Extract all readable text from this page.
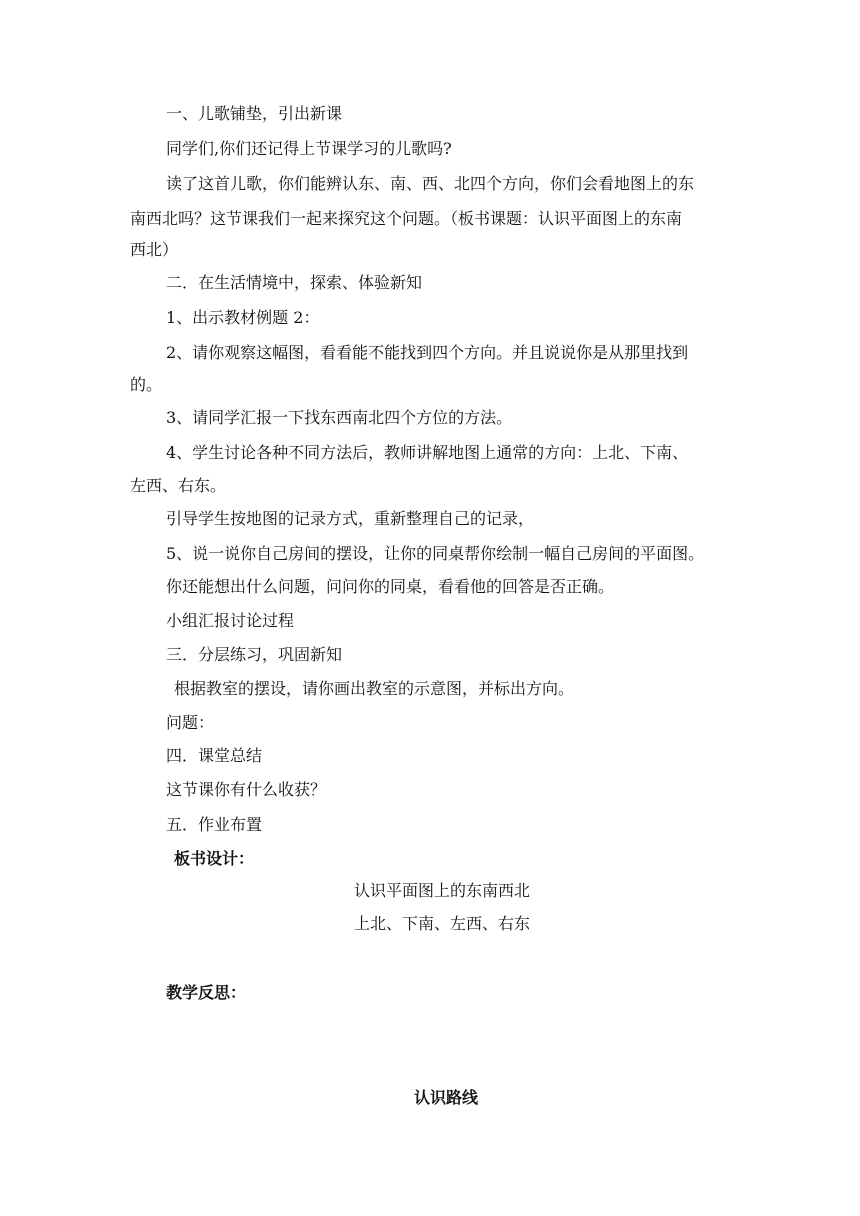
一、儿歌铺垫，引出新课
同学们,你们还记得上节课学习的儿歌吗?
读了这首儿歌，你们能辨认东、南、西、北四个方向，你们会看地图上的东
南西北吗？这节课我们一起来探究这个问题。（板书课题：认识平面图上的东南
西北）
二．在生活情境中，探索、体验新知
1、出示教材例题 2：
2、请你观察这幅图，看看能不能找到四个方向。并且说说你是从那里找到
的。
3、请同学汇报一下找东西南北四个方位的方法。
4、学生讨论各种不同方法后，教师讲解地图上通常的方向：上北、下南、
左西、右东。
引导学生按地图的记录方式，重新整理自己的记录，
5、说一说你自己房间的摆设，让你的同桌帮你绘制一幅自己房间的平面图。
你还能想出什么问题，问问你的同桌，看看他的回答是否正确。
小组汇报讨论过程
三．分层练习，巩固新知
根据教室的摆设，请你画出教室的示意图，并标出方向。
问题：
四．课堂总结
这节课你有什么收获？
五．作业布置
板书设计：
认识平面图上的东南西北
上北、下南、左西、右东
教学反思：
认识路线
